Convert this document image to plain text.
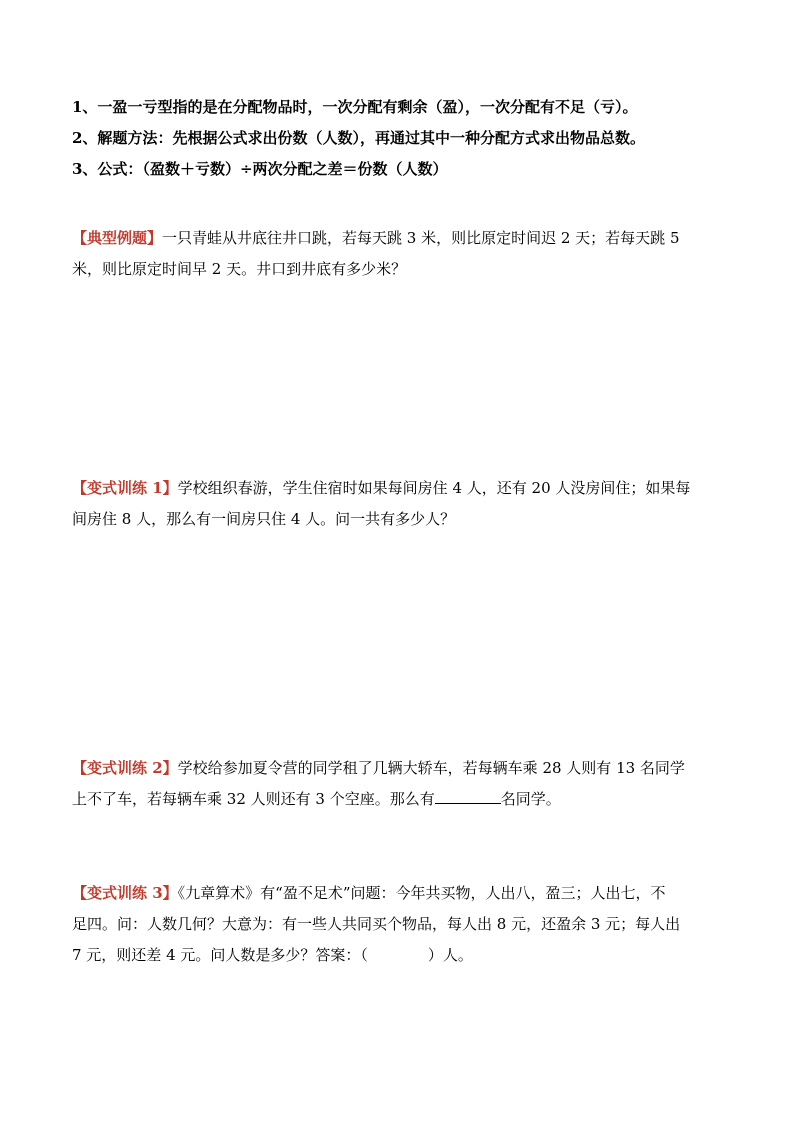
1、一盈一亏型指的是在分配物品时，一次分配有剩余（盈），一次分配有不足（亏）。
2、解题方法：先根据公式求出份数（人数），再通过其中一种分配方式求出物品总数。
3、公式：（盈数＋亏数）÷两次分配之差＝份数（人数）
【典型例题】一只青蛙从井底往井口跳，若每天跳 3 米，则比原定时间迟 2 天；若每天跳 5
米，则比原定时间早 2 天。井口到井底有多少米？
【变式训练 1】学校组织春游，学生住宿时如果每间房住 4 人，还有 20 人没房间住；如果每
间房住 8 人，那么有一间房只住 4 人。问一共有多少人？
【变式训练 2】学校给参加夏令营的同学租了几辆大轿车，若每辆车乘 28 人则有 13 名同学
上不了车，若每辆车乘 32 人则还有 3 个空座。那么有	名同学。
【变式训练 3】《九章算术》有“盈不足术”问题：今年共买物，人出八，盈三；人出七，不
足四。问：人数几何？大意为：有一些人共同买个物品，每人出 8 元，还盈余 3 元；每人出
7 元，则还差 4 元。问人数是多少？答案：（	）人。
